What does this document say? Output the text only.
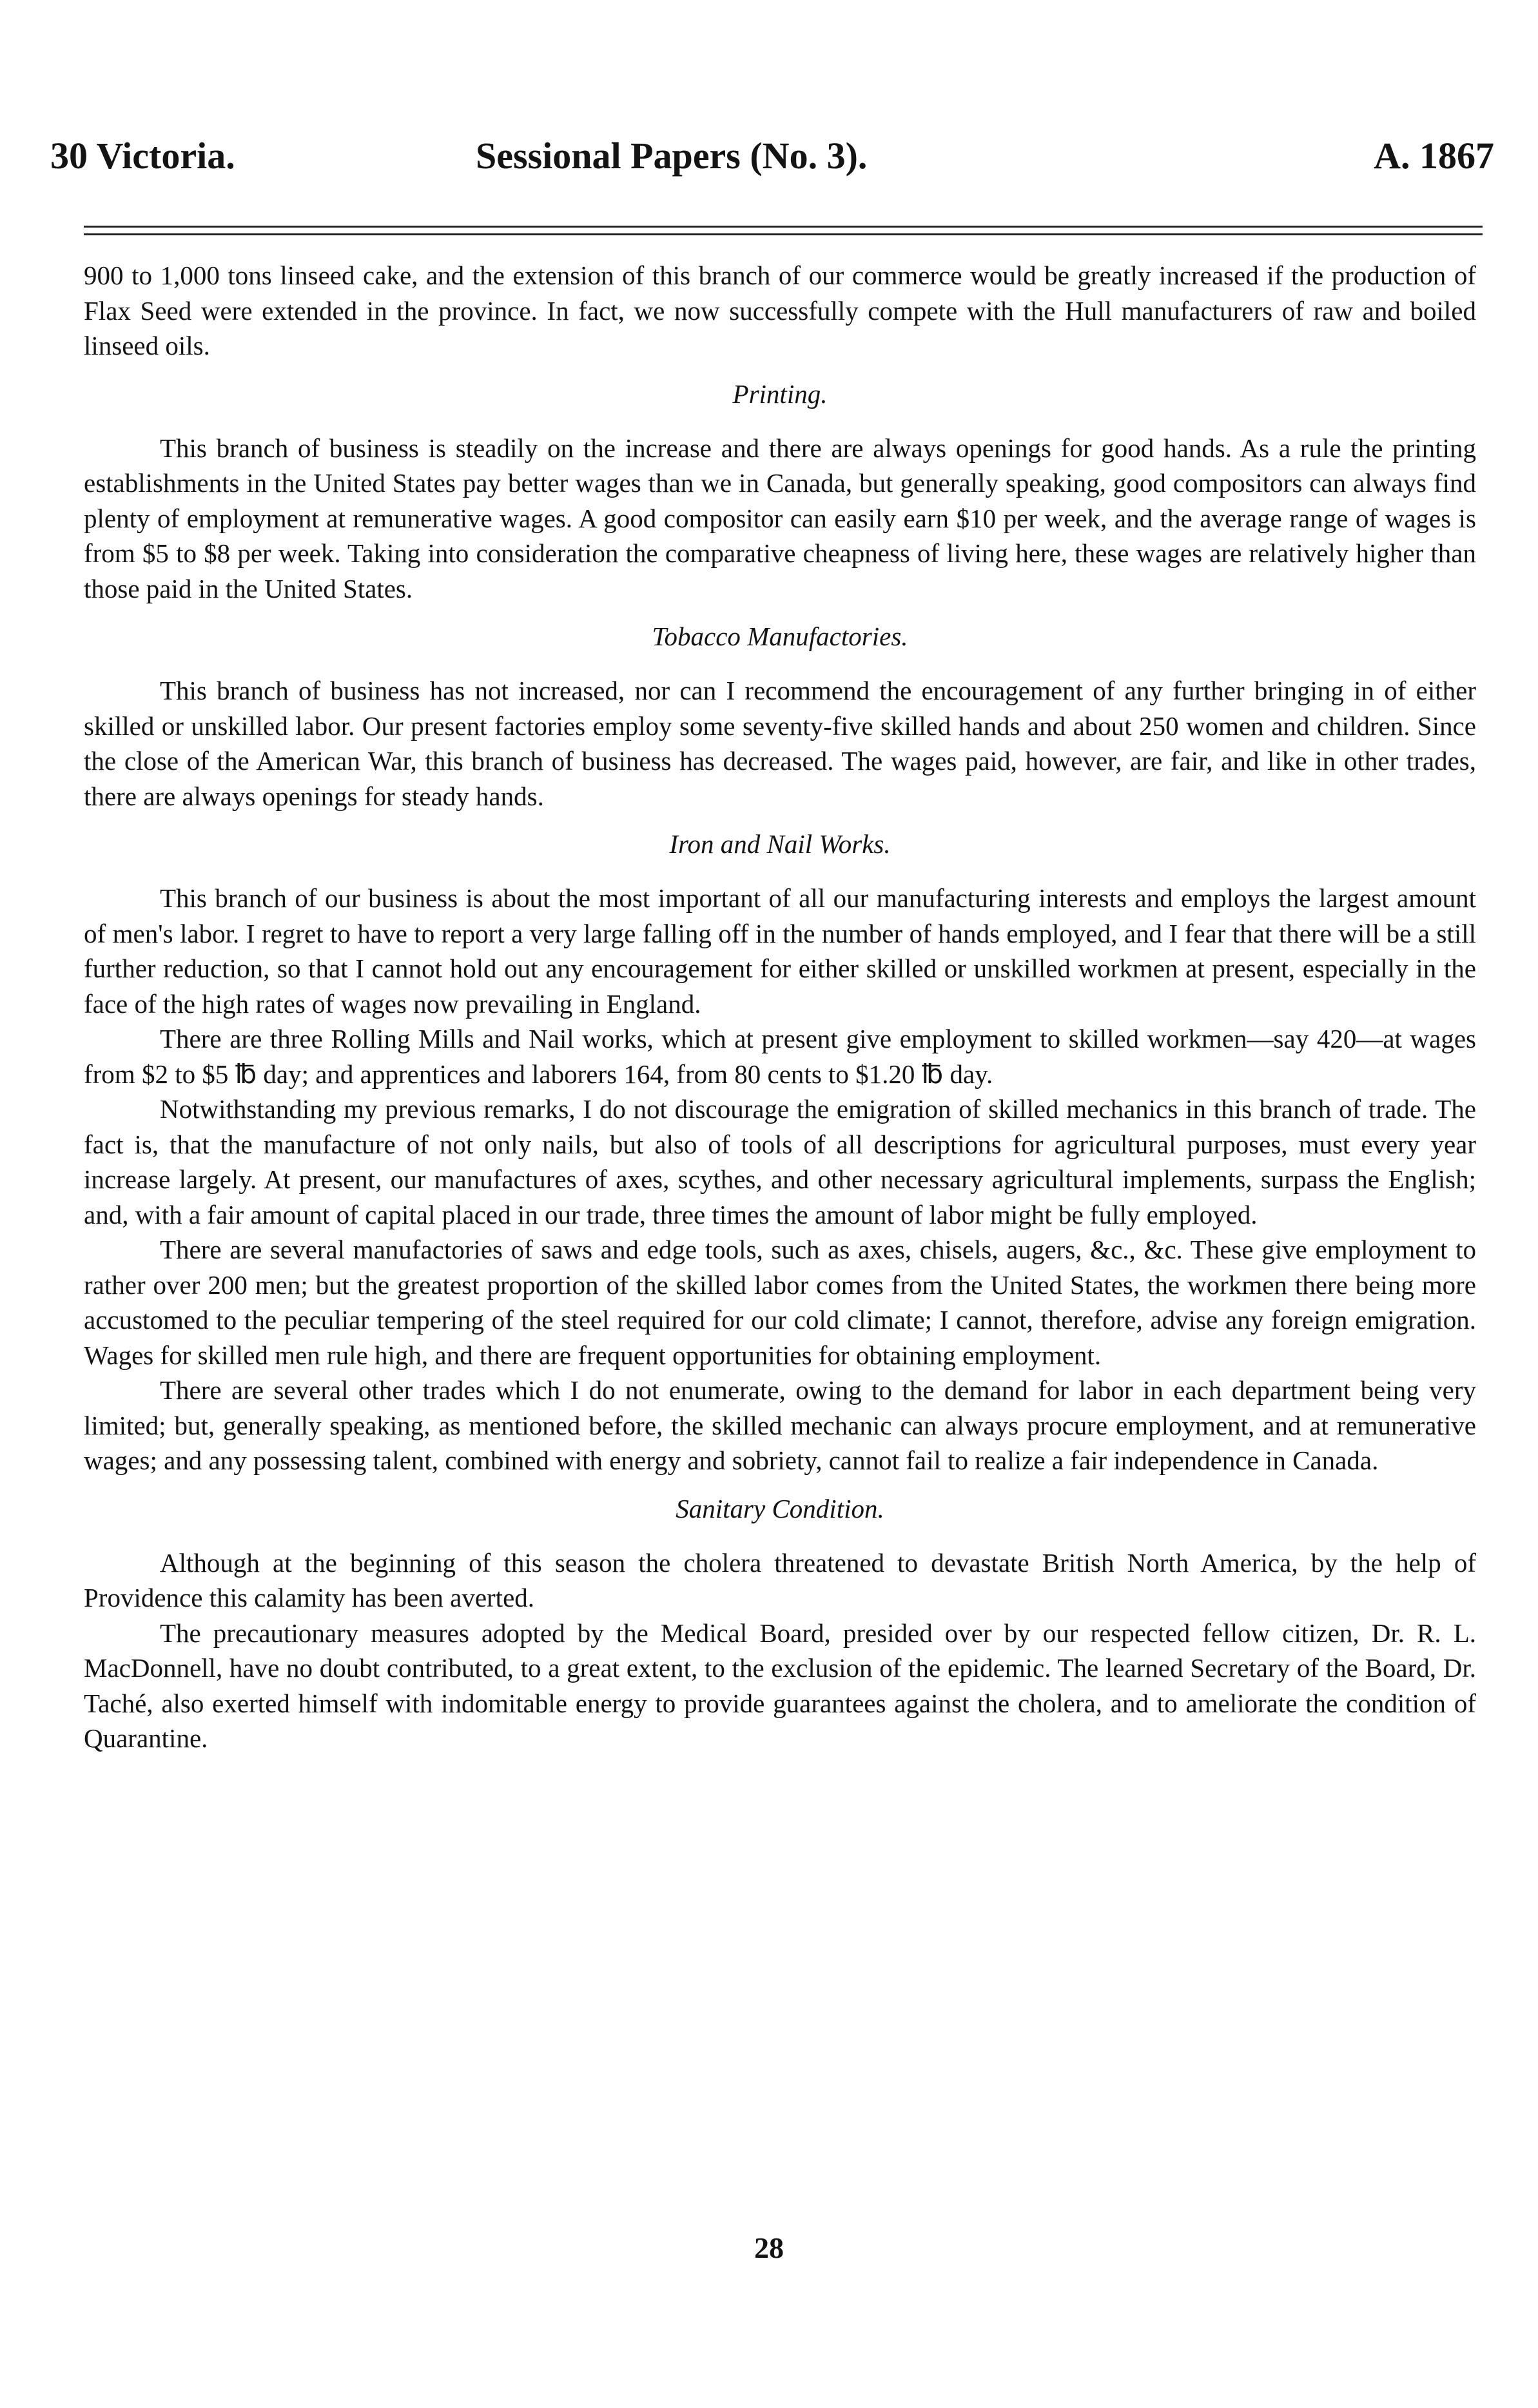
30 Victoria.	Sessional Papers (No. 3).	A. 1867

900 to 1,000 tons linseed cake, and the extension of this branch of our commerce would be greatly increased if the production of Flax Seed were extended in the province. In fact, we now successfully compete with the Hull manufacturers of raw and boiled linseed oils.

Printing.

This branch of business is steadily on the increase and there are always openings for good hands. As a rule the printing establishments in the United States pay better wages than we in Canada, but generally speaking, good compositors can always find plenty of employment at remunerative wages. A good compositor can easily earn $10 per week, and the average range of wages is from $5 to $8 per week. Taking into consideration the comparative cheapness of living here, these wages are relatively higher than those paid in the United States.

Tobacco Manufactories.

This branch of business has not increased, nor can I recommend the encouragement of any further bringing in of either skilled or unskilled labor. Our present factories employ some seventy-five skilled hands and about 250 women and children. Since the close of the American War, this branch of business has decreased. The wages paid, however, are fair, and like in other trades, there are always openings for steady hands.

Iron and Nail Works.

This branch of our business is about the most important of all our manufacturing interests and employs the largest amount of men's labor. I regret to have to report a very large falling off in the number of hands employed, and I fear that there will be a still further reduction, so that I cannot hold out any encouragement for either skilled or unskilled workmen at present, especially in the face of the high rates of wages now prevailing in England.

There are three Rolling Mills and Nail works, which at present give employment to skilled workmen—say 420—at wages from $2 to $5 ℔ day; and apprentices and laborers 164, from 80 cents to $1.20 ℔ day.

Notwithstanding my previous remarks, I do not discourage the emigration of skilled mechanics in this branch of trade. The fact is, that the manufacture of not only nails, but also of tools of all descriptions for agricultural purposes, must every year increase largely. At present, our manufactures of axes, scythes, and other necessary agricultural implements, surpass the English; and, with a fair amount of capital placed in our trade, three times the amount of labor might be fully employed.

There are several manufactories of saws and edge tools, such as axes, chisels, augers, &c., &c. These give employment to rather over 200 men; but the greatest proportion of the skilled labor comes from the United States, the workmen there being more accustomed to the peculiar tempering of the steel required for our cold climate; I cannot, therefore, advise any foreign emigration. Wages for skilled men rule high, and there are frequent opportunities for obtaining employment.

There are several other trades which I do not enumerate, owing to the demand for labor in each department being very limited; but, generally speaking, as mentioned before, the skilled mechanic can always procure employment, and at remunerative wages; and any possessing talent, combined with energy and sobriety, cannot fail to realize a fair independence in Canada.

Sanitary Condition.

Although at the beginning of this season the cholera threatened to devastate British North America, by the help of Providence this calamity has been averted.

The precautionary measures adopted by the Medical Board, presided over by our respected fellow citizen, Dr. R. L. MacDonnell, have no doubt contributed, to a great extent, to the exclusion of the epidemic. The learned Secretary of the Board, Dr. Taché, also exerted himself with indomitable energy to provide guarantees against the cholera, and to ameliorate the condition of Quarantine.

28
